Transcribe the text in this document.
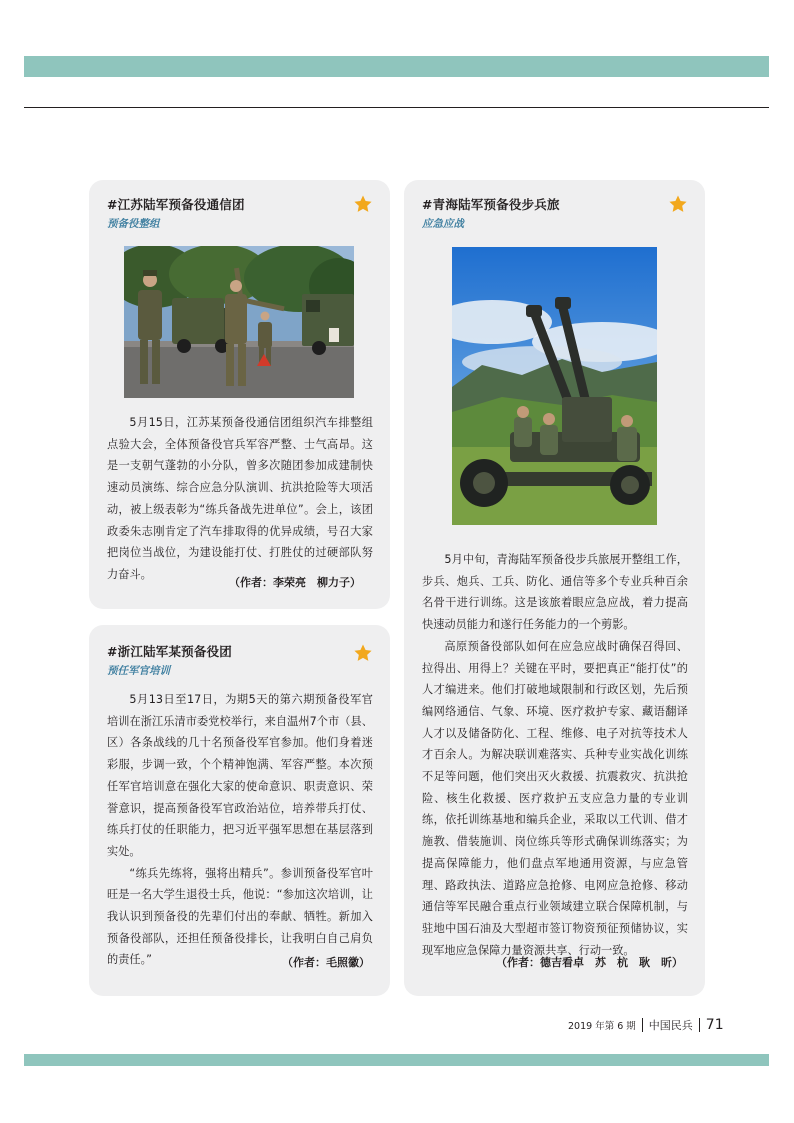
#江苏陆军预备役通信团
预备役整组

5月15日，江苏某预备役通信团组织汽车排整组点验大会，全体预备役官兵军容严整、士气高昂。这是一支朝气蓬勃的小分队，曾多次随团参加成建制快速动员演练、综合应急分队演训、抗洪抢险等大项活动，被上级表彰为“练兵备战先进单位”。会上，该团政委朱志刚肯定了汽车排取得的优异成绩，号召大家把岗位当战位，为建设能打仗、打胜仗的过硬部队努力奋斗。

（作者：李荣亮　柳力子）
#浙江陆军某预备役团
预任军官培训

5月13日至17日，为期5天的第六期预备役军官培训在浙江乐清市委党校举行，来自温州7个市（县、区）各条战线的几十名预备役军官参加。他们身着迷彩服，步调一致，个个精神饱满、军容严整。本次预任军官培训意在强化大家的使命意识、职责意识、荣誉意识，提高预备役军官政治站位，培养带兵打仗、练兵打仗的任职能力，把习近平强军思想在基层落到实处。

“练兵先练将，强将出精兵”。参训预备役军官叶旺是一名大学生退役士兵，他说：“参加这次培训，让我认识到预备役的先辈们付出的奉献、牺牲。新加入预备役部队，还担任预备役排长，让我明白自己肩负的责任。”	（作者：毛照徽）
#青海陆军预备役步兵旅
应急应战

5月中旬，青海陆军预备役步兵旅展开整组工作，步兵、炮兵、工兵、防化、通信等多个专业兵种百余名骨干进行训练。这是该旅着眼应急应战，着力提高快速动员能力和遂行任务能力的一个剪影。

高原预备役部队如何在应急应战时确保召得回、拉得出、用得上？关键在平时，要把真正“能打仗”的人才编进来。他们打破地域限制和行政区划，先后预编网络通信、气象、环境、医疗救护专家、藏语翻译人才以及储备防化、工程、维修、电子对抗等技术人才百余人。为解决联训难落实、兵种专业实战化训练不足等问题，他们突出灭火救援、抗震救灾、抗洪抢险、核生化救援、医疗救护五支应急力量的专业训练，依托训练基地和编兵企业，采取以工代训、借才施教、借装施训、岗位练兵等形式确保训练落实；为提高保障能力，他们盘点军地通用资源，与应急管理、路政执法、道路应急抢修、电网应急抢修、移动通信等军民融合重点行业领域建立联合保障机制，与驻地中国石油及大型超市签订物资预征预储协议，实现军地应急保障力量资源共享、行动一致。

（作者：德吉看卓　苏　杭　耿　昕）
2019 年第 6 期 中国民兵 71
